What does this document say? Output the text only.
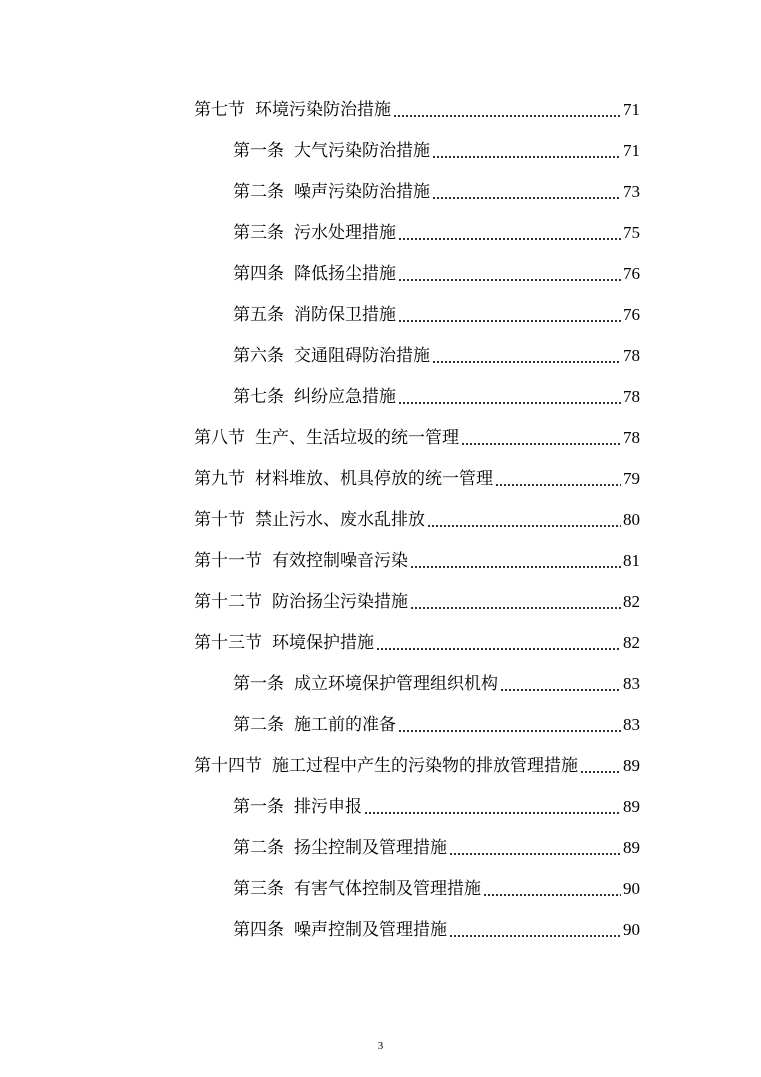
第七节 环境污染防治措施	71
第一条 大气污染防治措施	71
第二条 噪声污染防治措施	73
第三条 污水处理措施	75
第四条 降低扬尘措施	76
第五条 消防保卫措施	76
第六条 交通阻碍防治措施	78
第七条 纠纷应急措施	78
第八节 生产、生活垃圾的统一管理	78
第九节 材料堆放、机具停放的统一管理	79
第十节 禁止污水、废水乱排放	80
第十一节 有效控制噪音污染	81
第十二节 防治扬尘污染措施	82
第十三节 环境保护措施	82
第一条 成立环境保护管理组织机构	83
第二条 施工前的准备	83
第十四节 施工过程中产生的污染物的排放管理措施	89
第一条 排污申报	89
第二条 扬尘控制及管理措施	89
第三条 有害气体控制及管理措施	90
第四条 噪声控制及管理措施	90
3
